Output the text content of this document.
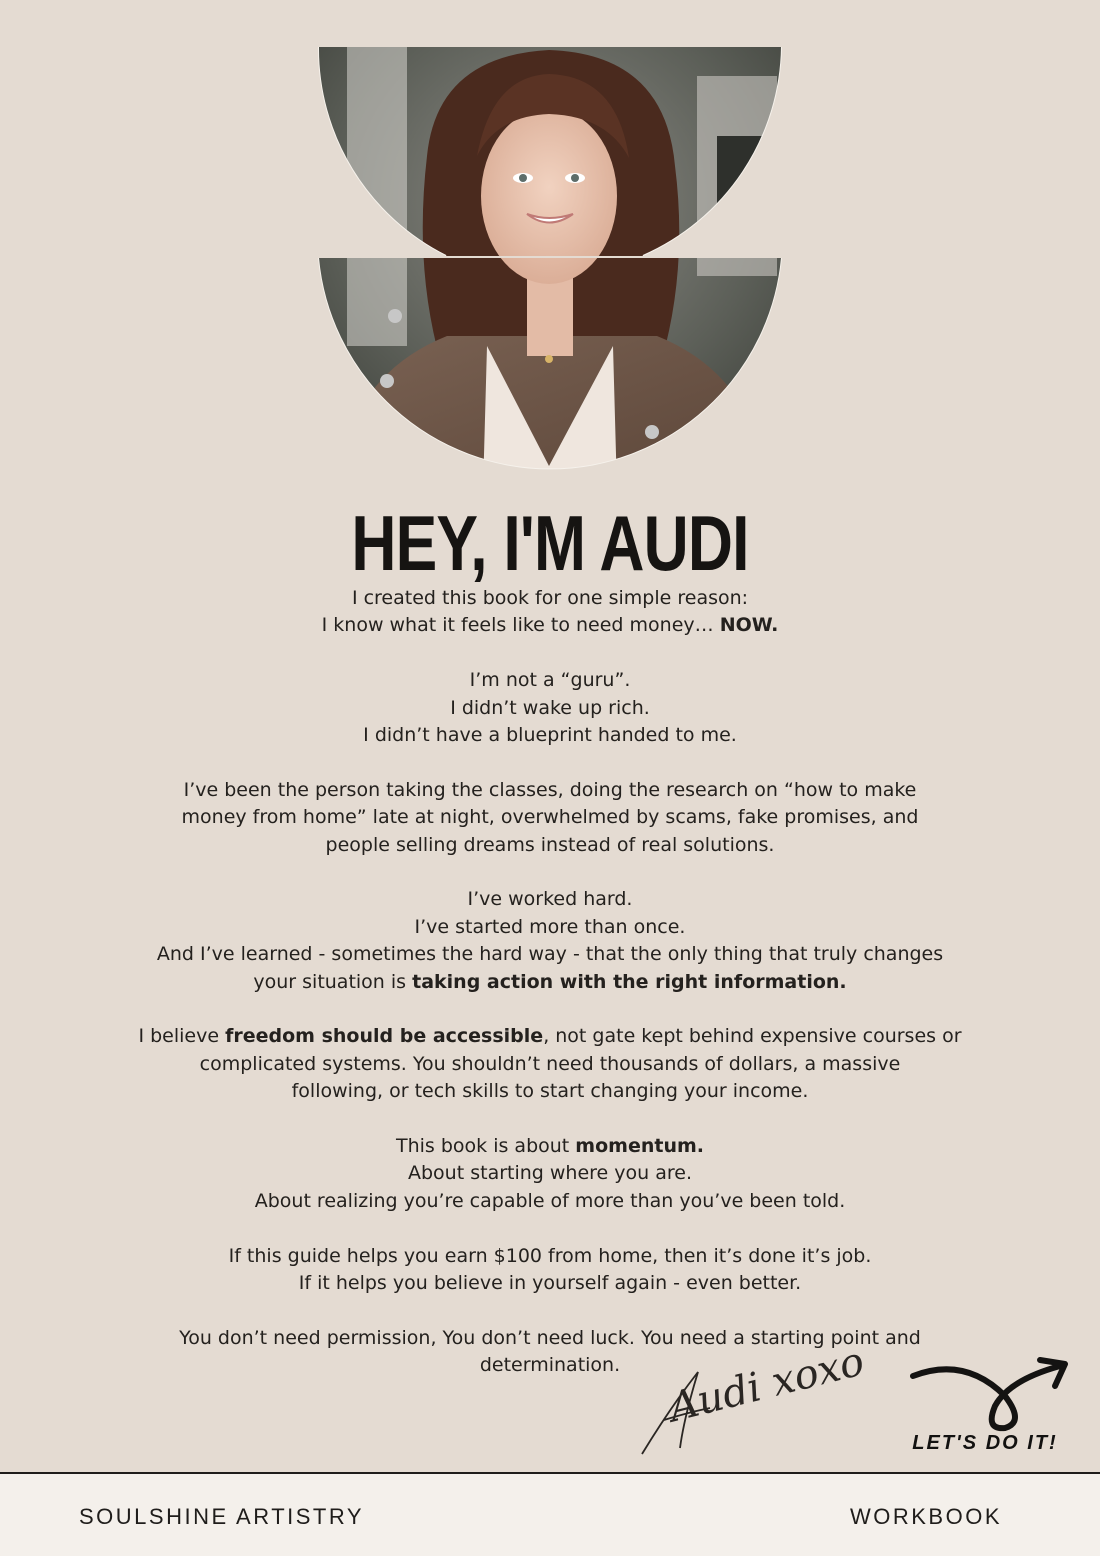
HEY, I'M AUDI
I created this book for one simple reason:
I know what it feels like to need money… NOW.
I’m not a “guru”.
I didn’t wake up rich.
I didn’t have a blueprint handed to me.
I’ve been the person taking the classes, doing the research on “how to make
money from home” late at night, overwhelmed by scams, fake promises, and
people selling dreams instead of real solutions.
I’ve worked hard.
I’ve started more than once.
And I’ve learned - sometimes the hard way - that the only thing that truly changes
your situation is taking action with the right information.
I believe freedom should be accessible, not gate kept behind expensive courses or
complicated systems. You shouldn’t need thousands of dollars, a massive
following, or tech skills to start changing your income.
This book is about momentum.
About starting where you are.
About realizing you’re capable of more than you’ve been told.
If this guide helps you earn $100 from home, then it’s done it’s job.
If it helps you believe in yourself again - even better.
You don’t need permission, You don’t need luck. You need a starting point and
determination.	Audi xoxo
LET'S DO IT!
SOULSHINE ARTISTRY	WORKBOOK
